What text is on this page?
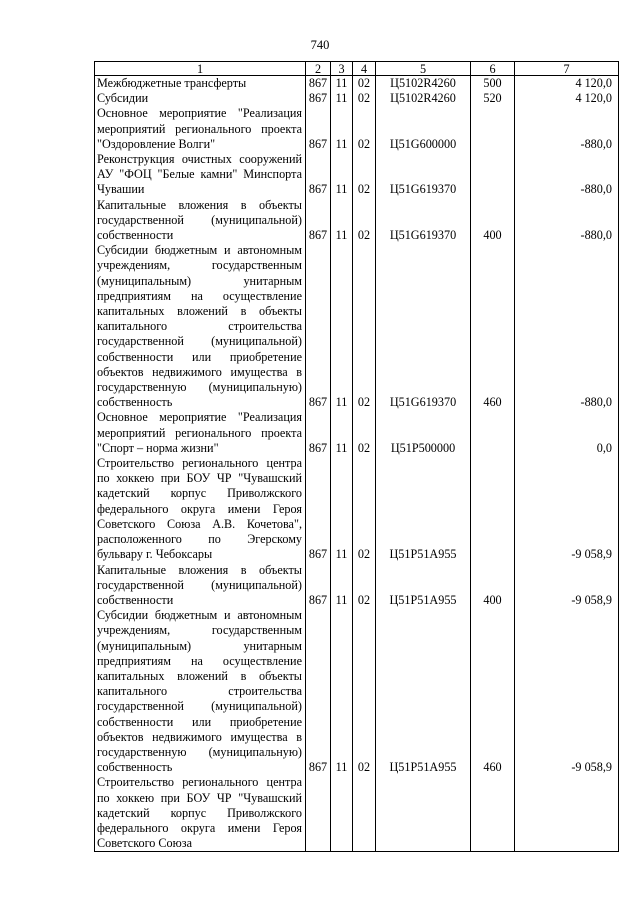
740
1	2	3	4	5	6	7
Межбюджетные трансферты	867	11	02	Ц5102R4260	500	4 120,0
Субсидии	867	11	02	Ц5102R4260	520	4 120,0
Основное мероприятие "Реализация мероприятий регионального проекта "Оздоровление Волги"	867	11	02	Ц51G600000		-880,0
Реконструкция очистных сооружений АУ "ФОЦ "Белые камни" Минспорта Чувашии	867	11	02	Ц51G619370		-880,0
Капитальные вложения в объекты государственной (муниципальной) собственности	867	11	02	Ц51G619370	400	-880,0
Субсидии бюджетным и автономным учреждениям, государственным (муниципальным) унитарным предприятиям на осуществление капитальных вложений в объекты капитального строительства государственной (муниципальной) собственности или приобретение объектов недвижимого имущества в государственную (муниципальную) собственность	867	11	02	Ц51G619370	460	-880,0
Основное мероприятие "Реализация мероприятий регионального проекта "Спорт – норма жизни"	867	11	02	Ц51P500000		0,0
Строительство регионального центра по хоккею при БОУ ЧР "Чувашский кадетский корпус Приволжского федерального округа имени Героя Советского Союза А.В. Кочетова", расположенного по Эгерскому бульвару г. Чебоксары	867	11	02	Ц51P51A955		-9 058,9
Капитальные вложения в объекты государственной (муниципальной) собственности	867	11	02	Ц51P51A955	400	-9 058,9
Субсидии бюджетным и автономным учреждениям, государственным (муниципальным) унитарным предприятиям на осуществление капитальных вложений в объекты капитального строительства государственной (муниципальной) собственности или приобретение объектов недвижимого имущества в государственную (муниципальную) собственность	867	11	02	Ц51P51A955	460	-9 058,9
Строительство регионального центра по хоккею при БОУ ЧР "Чувашский кадетский корпус Приволжского федерального округа имени Героя Советского Союза						
